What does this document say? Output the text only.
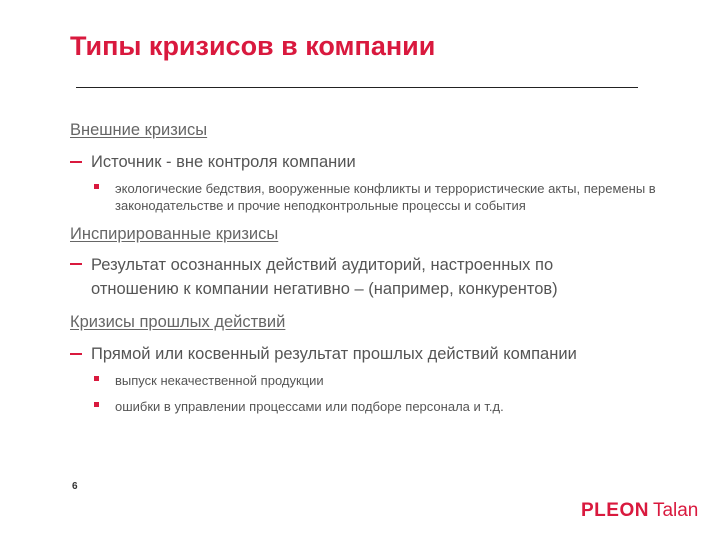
Типы кризисов в компании
Внешние кризисы
Источник - вне контроля компании
экологические бедствия, вооруженные конфликты и террористические акты, перемены в законодательстве и прочие неподконтрольные процессы и события
Инспирированные кризисы
Результат осознанных действий аудиторий, настроенных по отношению к компании негативно – (например, конкурентов)
Кризисы прошлых действий
Прямой или косвенный результат прошлых действий компании
выпуск некачественной продукции
ошибки в управлении процессами или подборе персонала и т.д.
6
PLEON Talan
